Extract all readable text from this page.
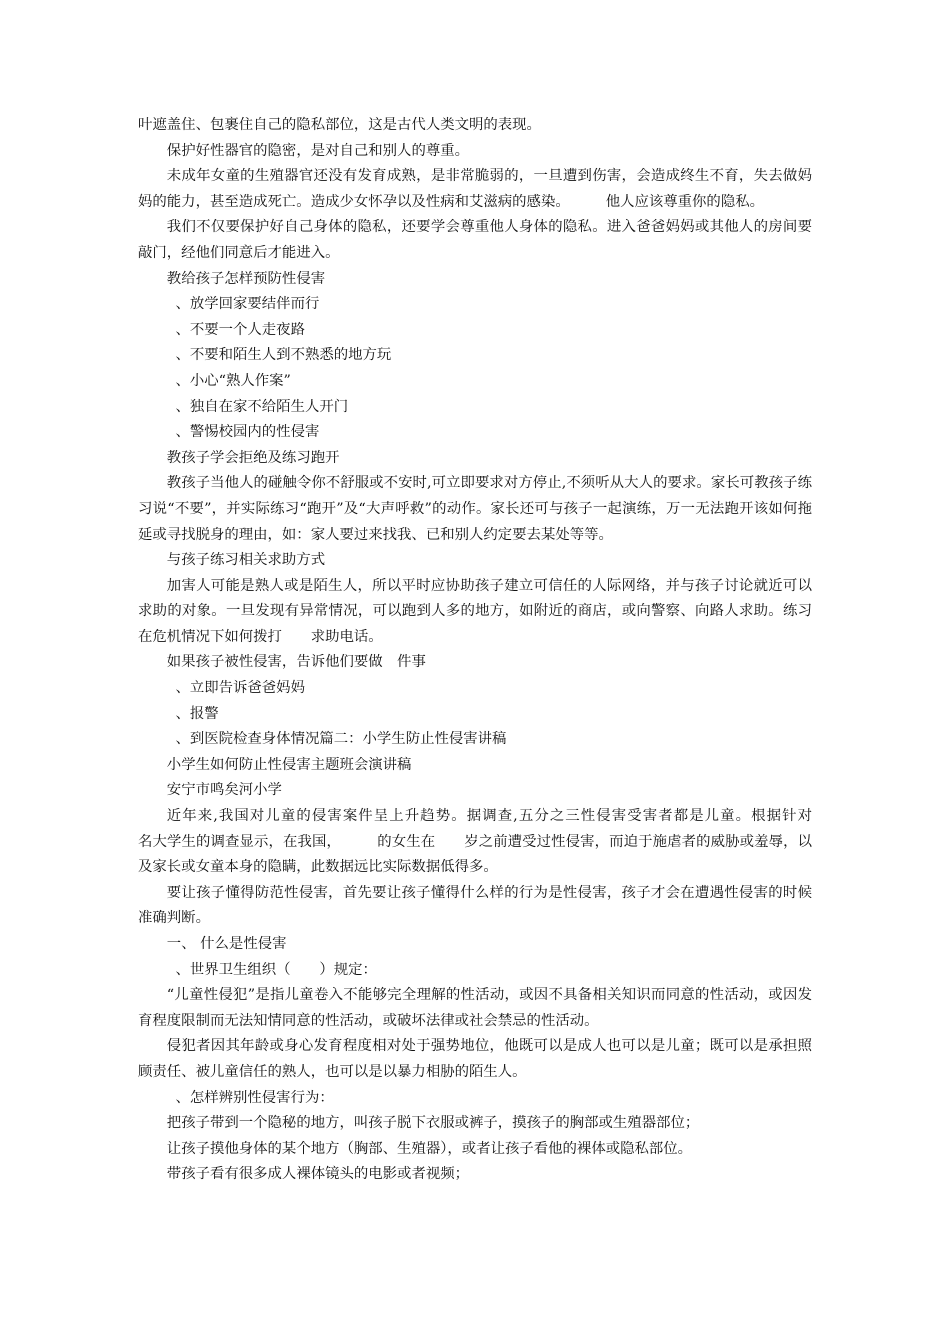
叶遮盖住、包裹住自己的隐私部位，这是古代人类文明的表现。

保护好性器官的隐密，是对自己和别人的尊重。

未成年女童的生殖器官还没有发育成熟，是非常脆弱的，一旦遭到伤害，会造成终生不育，失去做妈妈的能力，甚至造成死亡。造成少女怀孕以及性病和艾滋病的感染。　　　他人应该尊重你的隐私。

我们不仅要保护好自己身体的隐私，还要学会尊重他人身体的隐私。进入爸爸妈妈或其他人的房间要敲门，经他们同意后才能进入。

教给孩子怎样预防性侵害

、放学回家要结伴而行

、不要一个人走夜路

、不要和陌生人到不熟悉的地方玩

、小心“熟人作案”

、独自在家不给陌生人开门

、警惕校园内的性侵害

教孩子学会拒绝及练习跑开

教孩子当他人的碰触令你不舒服或不安时,可立即要求对方停止,不须听从大人的要求。家长可教孩子练习说“不要”，并实际练习“跑开”及“大声呼救”的动作。家长还可与孩子一起演练，万一无法跑开该如何拖延或寻找脱身的理由，如：家人要过来找我、已和别人约定要去某处等等。

与孩子练习相关求助方式

加害人可能是熟人或是陌生人，所以平时应协助孩子建立可信任的人际网络，并与孩子讨论就近可以求助的对象。一旦发现有异常情况，可以跑到人多的地方，如附近的商店，或向警察、向路人求助。练习在危机情况下如何拨打　　求助电话。

如果孩子被性侵害，告诉他们要做　件事

、立即告诉爸爸妈妈

、报警

、到医院检查身体情况篇二：小学生防止性侵害讲稿

小学生如何防止性侵害主题班会演讲稿

安宁市鸣矣河小学

近年来,我国对儿童的侵害案件呈上升趋势。据调查,五分之三性侵害受害者都是儿童。根据针对　　　名大学生的调查显示，在我国，　　　的女生在　　岁之前遭受过性侵害，而迫于施虐者的威胁或羞辱，以及家长或女童本身的隐瞒，此数据远比实际数据低得多。

要让孩子懂得防范性侵害，首先要让孩子懂得什么样的行为是性侵害，孩子才会在遭遇性侵害的时候准确判断。

一、 什么是性侵害

、世界卫生组织（　　）规定：

“儿童性侵犯”是指儿童卷入不能够完全理解的性活动，或因不具备相关知识而同意的性活动，或因发育程度限制而无法知情同意的性活动，或破坏法律或社会禁忌的性活动。

侵犯者因其年龄或身心发育程度相对处于强势地位，他既可以是成人也可以是儿童；既可以是承担照顾责任、被儿童信任的熟人，也可以是以暴力相胁的陌生人。

、怎样辨别性侵害行为：

把孩子带到一个隐秘的地方，叫孩子脱下衣服或裤子，摸孩子的胸部或生殖器部位；

让孩子摸他身体的某个地方（胸部、生殖器），或者让孩子看他的裸体或隐私部位。

带孩子看有很多成人裸体镜头的电影或者视频；
